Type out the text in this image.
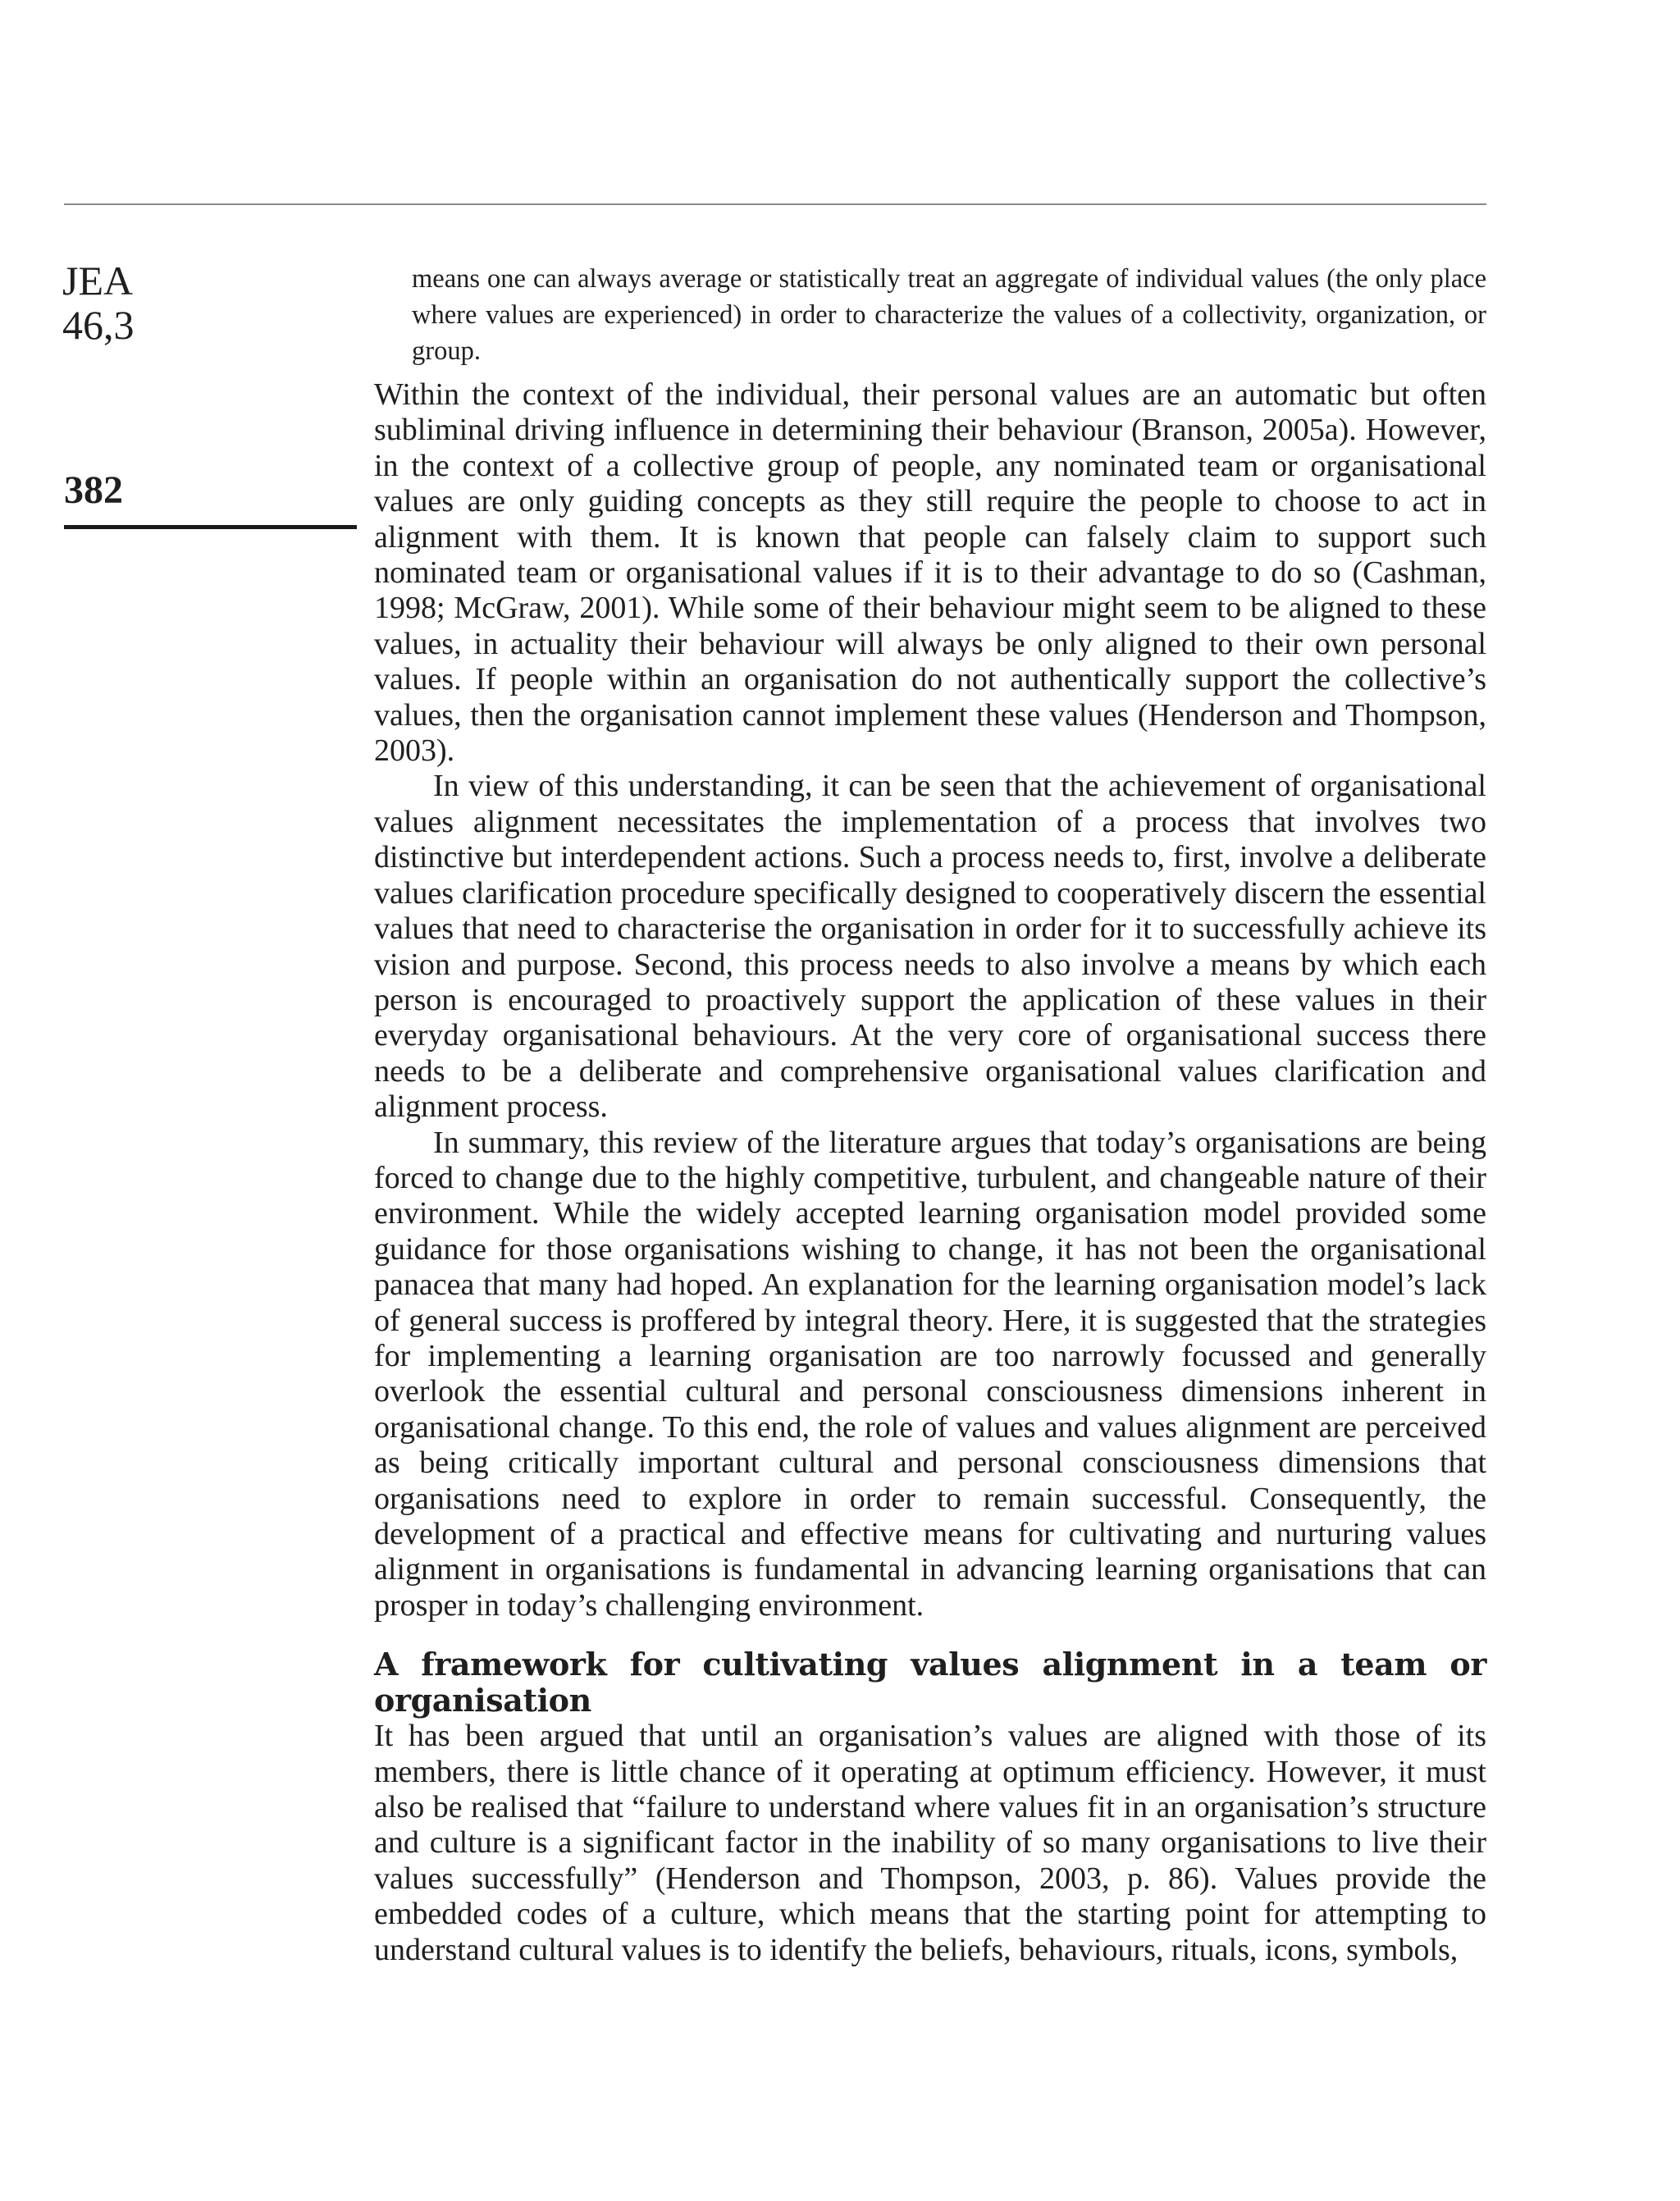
JEA
46,3
382
means one can always average or statistically treat an aggregate of individual values (the only place where values are experienced) in order to characterize the values of a collectivity, organization, or group.

Within the context of the individual, their personal values are an automatic but often subliminal driving influence in determining their behaviour (Branson, 2005a). However, in the context of a collective group of people, any nominated team or organisational values are only guiding concepts as they still require the people to choose to act in alignment with them. It is known that people can falsely claim to support such nominated team or organisational values if it is to their advantage to do so (Cashman, 1998; McGraw, 2001). While some of their behaviour might seem to be aligned to these values, in actuality their behaviour will always be only aligned to their own personal values. If people within an organisation do not authentically support the collective’s values, then the organisation cannot implement these values (Henderson and Thompson, 2003).

In view of this understanding, it can be seen that the achievement of organisational values alignment necessitates the implementation of a process that involves two distinctive but interdependent actions. Such a process needs to, first, involve a deliberate values clarification procedure specifically designed to cooperatively discern the essential values that need to characterise the organisation in order for it to successfully achieve its vision and purpose. Second, this process needs to also involve a means by which each person is encouraged to proactively support the application of these values in their everyday organisational behaviours. At the very core of organisational success there needs to be a deliberate and comprehensive organisational values clarification and alignment process.

In summary, this review of the literature argues that today’s organisations are being forced to change due to the highly competitive, turbulent, and changeable nature of their environment. While the widely accepted learning organisation model provided some guidance for those organisations wishing to change, it has not been the organisational panacea that many had hoped. An explanation for the learning organisation model’s lack of general success is proffered by integral theory. Here, it is suggested that the strategies for implementing a learning organisation are too narrowly focussed and generally overlook the essential cultural and personal consciousness dimensions inherent in organisational change. To this end, the role of values and values alignment are perceived as being critically important cultural and personal consciousness dimensions that organisations need to explore in order to remain successful. Consequently, the development of a practical and effective means for cultivating and nurturing values alignment in organisations is fundamental in advancing learning organisations that can prosper in today’s challenging environment.

A framework for cultivating values alignment in a team or organisation

It has been argued that until an organisation’s values are aligned with those of its members, there is little chance of it operating at optimum efficiency. However, it must also be realised that “failure to understand where values fit in an organisation’s structure and culture is a significant factor in the inability of so many organisations to live their values successfully” (Henderson and Thompson, 2003, p. 86). Values provide the embedded codes of a culture, which means that the starting point for attempting to understand cultural values is to identify the beliefs, behaviours, rituals, icons, symbols,
